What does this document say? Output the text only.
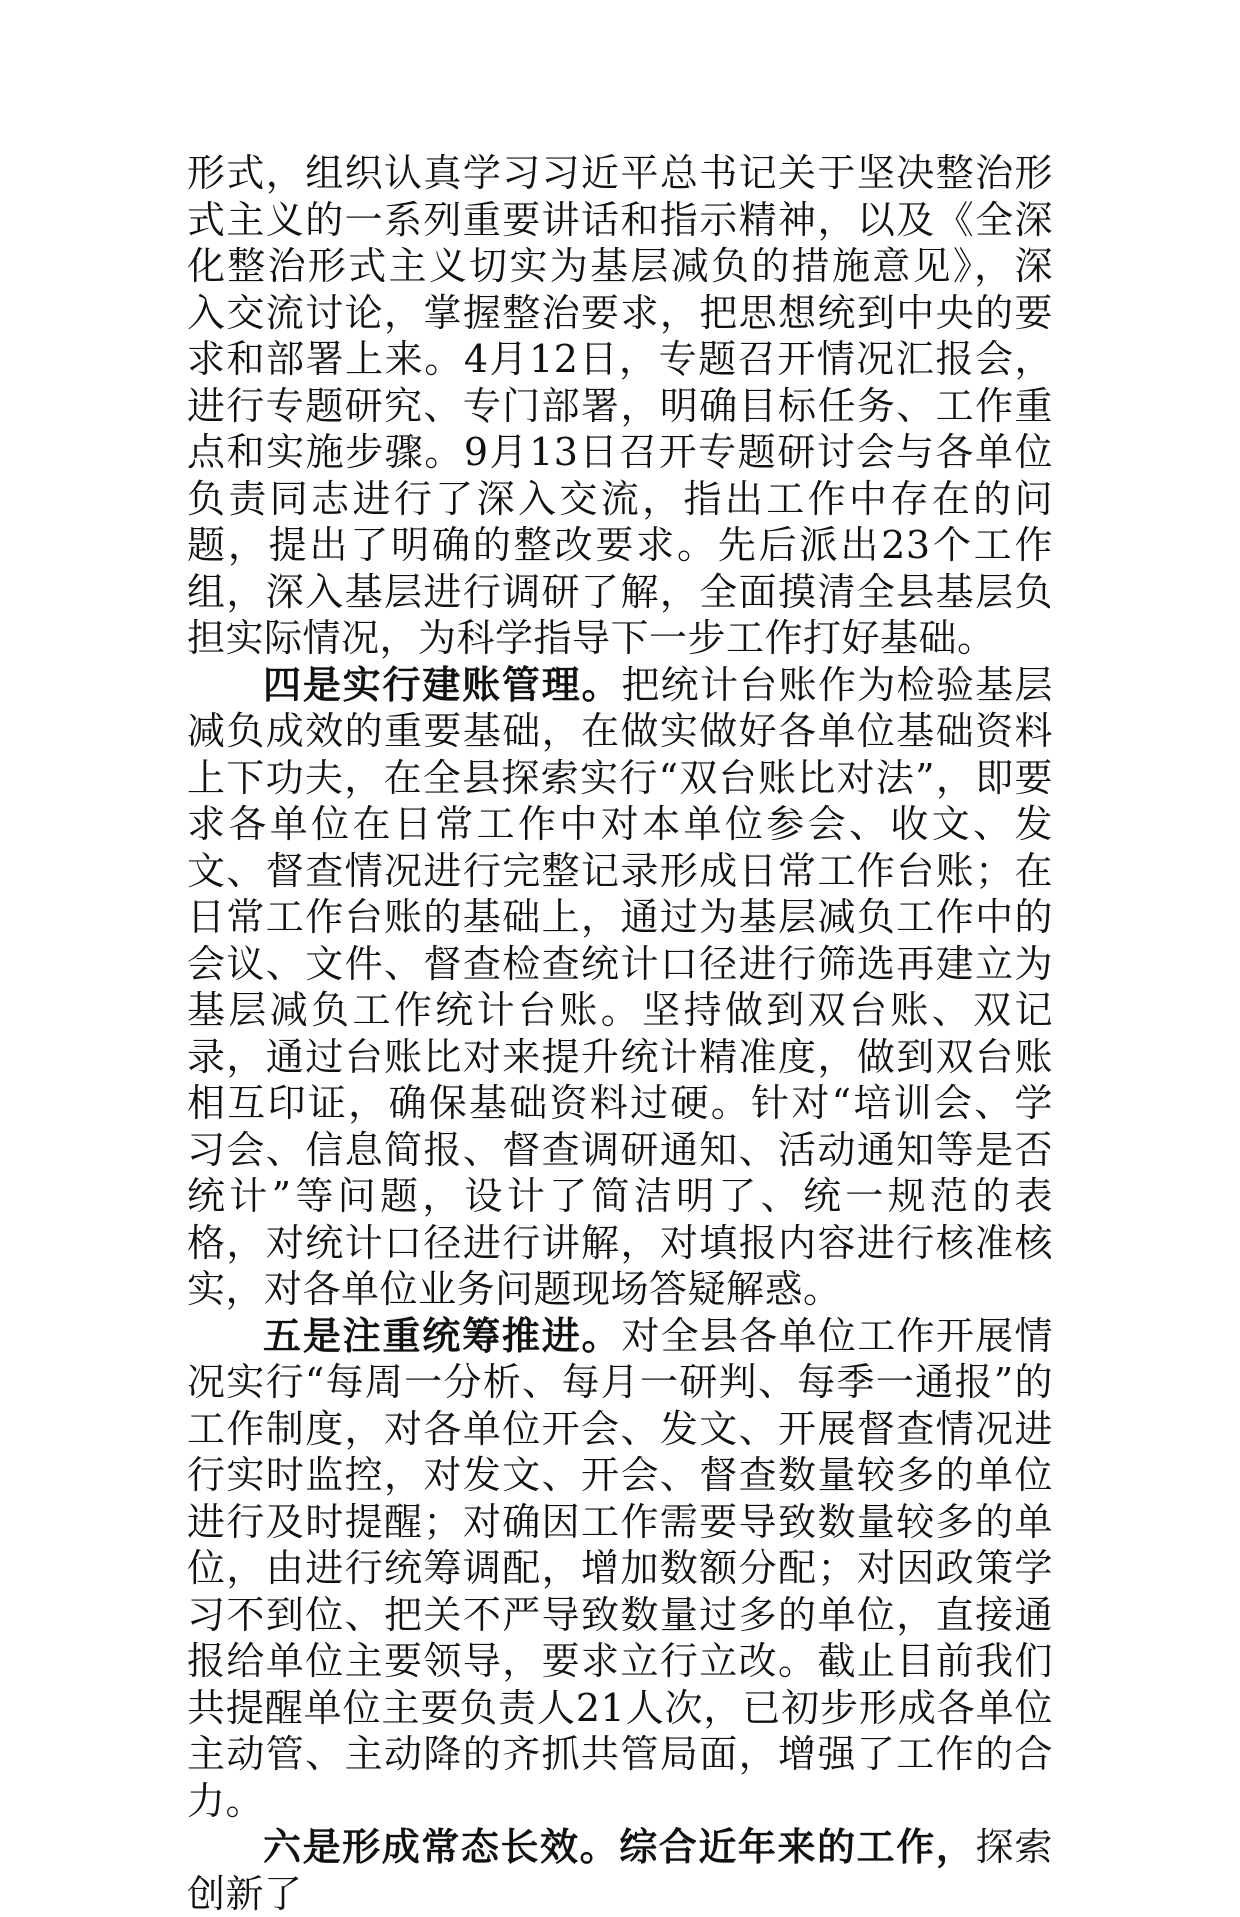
形式，组织认真学习习近平总书记关于坚决整治形式主义的一系列重要讲话和指示精神，以及《全深化整治形式主义切实为基层减负的措施意见》，深入交流讨论，掌握整治要求，把思想统到中央的要求和部署上来。4月12日，专题召开情况汇报会，进行专题研究、专门部署，明确目标任务、工作重点和实施步骤。9月13日召开专题研讨会与各单位负责同志进行了深入交流，指出工作中存在的问题，提出了明确的整改要求。先后派出23个工作组，深入基层进行调研了解，全面摸清全县基层负担实际情况，为科学指导下一步工作打好基础。

四是实行建账管理。把统计台账作为检验基层减负成效的重要基础，在做实做好各单位基础资料上下功夫，在全县探索实行“双台账比对法”，即要求各单位在日常工作中对本单位参会、收文、发文、督查情况进行完整记录形成日常工作台账；在日常工作台账的基础上，通过为基层减负工作中的会议、文件、督查检查统计口径进行筛选再建立为基层减负工作统计台账。坚持做到双台账、双记录，通过台账比对来提升统计精准度，做到双台账相互印证，确保基础资料过硬。针对“培训会、学习会、信息简报、督查调研通知、活动通知等是否统计”等问题，设计了简洁明了、统一规范的表格，对统计口径进行讲解，对填报内容进行核准核实，对各单位业务问题现场答疑解惑。

五是注重统筹推进。对全县各单位工作开展情况实行“每周一分析、每月一研判、每季一通报”的工作制度，对各单位开会、发文、开展督查情况进行实时监控，对发文、开会、督查数量较多的单位进行及时提醒；对确因工作需要导致数量较多的单位，由进行统筹调配，增加数额分配；对因政策学习不到位、把关不严导致数量过多的单位，直接通报给单位主要领导，要求立行立改。截止目前我们共提醒单位主要负责人21人次，已初步形成各单位主动管、主动降的齐抓共管局面，增强了工作的合力。

六是形成常态长效。综合近年来的工作，探索创新了
